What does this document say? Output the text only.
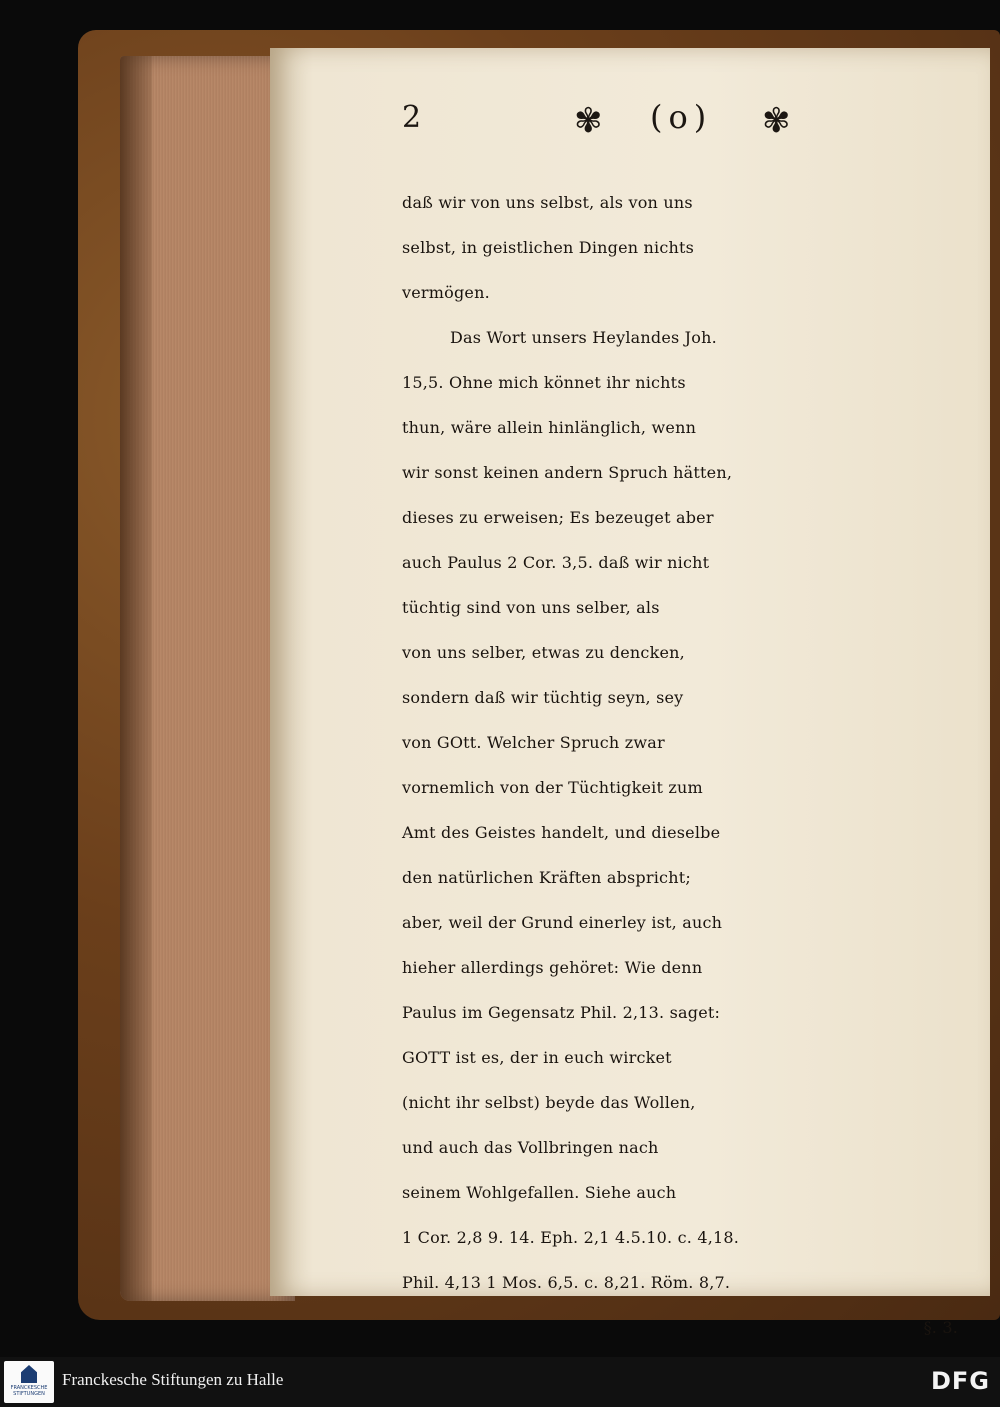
2	✾ (o) ✾
daß wir von uns selbst, als von uns
selbst, in geistlichen Dingen nichts
vermögen.
Das Wort unsers Heylandes Joh.
15,5. Ohne mich könnet ihr nichts
thun, wäre allein hinlänglich, wenn
wir sonst keinen andern Spruch hätten,
dieses zu erweisen; Es bezeuget aber
auch Paulus 2 Cor. 3,5. daß wir nicht
tüchtig sind von uns selber, als
von uns selber, etwas zu dencken,
sondern daß wir tüchtig seyn, sey
von GOtt. Welcher Spruch zwar
vornemlich von der Tüchtigkeit zum
Amt des Geistes handelt, und dieselbe
den natürlichen Kräften abspricht;
aber, weil der Grund einerley ist, auch
hieher allerdings gehöret: Wie denn
Paulus im Gegensatz Phil. 2,13. saget:
GOTT ist es, der in euch wircket
(nicht ihr selbst) beyde das Wollen,
und auch das Vollbringen nach
seinem Wohlgefallen. Siehe auch
1 Cor. 2,8 9. 14. Eph. 2,1 4.5.10. c. 4,18.
Phil. 4,13 1 Mos. 6,5. c. 8,21. Röm. 8,7.
§. 3.
FRANCKESCHE STIFTUNGEN
Franckesche Stiftungen zu Halle	DFG
